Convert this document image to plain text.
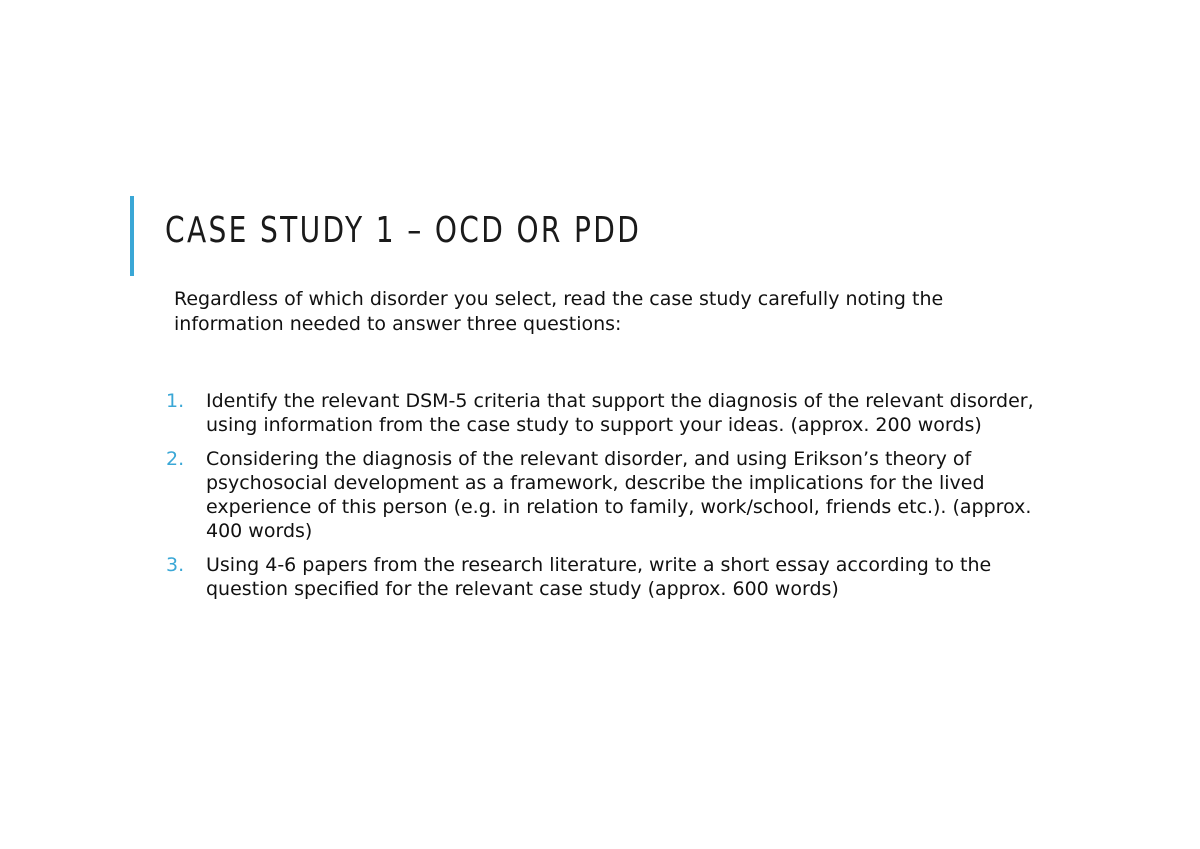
CASE STUDY 1 – OCD OR PDD
Regardless of which disorder you select, read the case study carefully noting the information needed to answer three questions:
1. Identify the relevant DSM-5 criteria that support the diagnosis of the relevant disorder, using information from the case study to support your ideas. (approx. 200 words)
2. Considering the diagnosis of the relevant disorder, and using Erikson’s theory of psychosocial development as a framework, describe the implications for the lived experience of this person (e.g. in relation to family, work/school, friends etc.). (approx. 400 words)
3. Using 4-6 papers from the research literature, write a short essay according to the question specified for the relevant case study (approx. 600 words)
